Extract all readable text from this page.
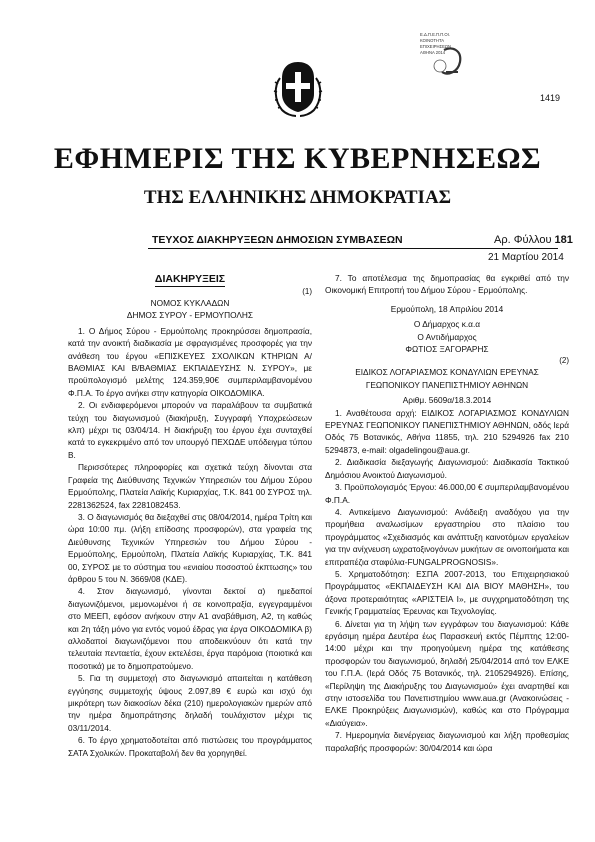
Ε.Δ.Π.Ε.Π.Π.ΟΙ.
ΚΟΙΝΟΤΗΤΑ
ΕΠΙΧΕΙΡΗΣΕΩΝ
ΑΘΗΝΑ 2014
1419
ΕΦΗΜΕΡΙΣ ΤΗΣ ΚΥΒΕΡΝΗΣΕΩΣ
ΤΗΣ ΕΛΛΗΝΙΚΗΣ ΔΗΜΟΚΡΑΤΙΑΣ
ΤΕΥΧΟΣ ΔΙΑΚΗΡΥΞΕΩΝ ΔΗΜΟΣΙΩΝ ΣΥΜΒΑΣΕΩΝ	Αρ. Φύλλου 181
21 Μαρτίου 2014
ΔΙΑΚΗΡΥΞΕΙΣ
(1)

ΝΟΜΟΣ ΚΥΚΛΑΔΩΝ

ΔΗΜΟΣ ΣΥΡΟΥ - ΕΡΜΟΥΠΟΛΗΣ

1. Ο Δήμος Σύρου - Ερμούπολης προκηρύσσει δημοπρασία, κατά την ανοικτή διαδικασία με σφραγισμένες προσφορές για την ανάθεση του έργου «ΕΠΙΣΚΕΥΕΣ ΣΧΟΛΙΚΩΝ ΚΤΗΡΙΩΝ Α/ΒΑΘΜΙΑΣ ΚΑΙ Β/ΒΑΘΜΙΑΣ ΕΚΠΑΙΔΕΥΣΗΣ Ν. ΣΥΡΟΥ», με προϋπολογισμό μελέτης 124.359,90€ συμπεριλαμβανομένου Φ.Π.Α. Το έργο ανήκει στην κατηγορία ΟΙΚΟΔΟΜΙΚΑ.

2. Οι ενδιαφερόμενοι μπορούν να παραλάβουν τα συμβατικά τεύχη του διαγωνισμού (διακήρυξη, Συγγραφή Υποχρεώσεων κλπ) μέχρι τις 03/04/14. Η διακήρυξη του έργου έχει συνταχθεί κατά το εγκεκριμένο από τον υπουργό ΠΕΧΩΔΕ υπόδειγμα τύπου Β.

Περισσότερες πληροφορίες και σχετικά τεύχη δίνονται στα Γραφεία της Διεύθυνσης Τεχνικών Υπηρεσιών του Δήμου Σύρου Ερμούπολης, Πλατεία Λαϊκής Κυριαρχίας, Τ.Κ. 841 00 ΣΥΡΟΣ τηλ. 2281362524, fax 2281082453.

3. Ο διαγωνισμός θα διεξαχθεί στις 08/04/2014, ημέρα Τρίτη και ώρα 10:00 πμ. (λήξη επίδοσης προσφορών), στα γραφεία της Διεύθυνσης Τεχνικών Υπηρεσιών του Δήμου Σύρου - Ερμούπολης, Ερμούπολη, Πλατεία Λαϊκής Κυριαρχίας, Τ.Κ. 841 00, ΣΥΡΟΣ με το σύστημα του «ενιαίου ποσοστού έκπτωσης» του άρθρου 5 του Ν. 3669/08 (ΚΔΕ).

4. Στον διαγωνισμό, γίνονται δεκτοί α) ημεδαποί διαγωνιζόμενοι, μεμονωμένοι ή σε κοινοπραξία, εγγεγραμμένοι στο ΜΕΕΠ, εφόσον ανήκουν στην Α1 αναβάθμιση, Α2, τη καθώς και 2η τάξη μόνο για εντός νομού έδρας για έργα ΟΙΚΟΔΟΜΙΚΑ β) αλλοδαποί διαγωνιζόμενοι που αποδεικνύουν ότι κατά την τελευταία πενταετία, έχουν εκτελέσει, έργα παρόμοια (ποιοτικά και ποσοτικά) με το δημοπρατούμενο.

5. Για τη συμμετοχή στο διαγωνισμό απαιτείται η κατάθεση εγγύησης συμμετοχής ύψους 2.097,89 € ευρώ και ισχύ όχι μικρότερη των διακοσίων δέκα (210) ημερολογιακών ημερών από την ημέρα δημοπράτησης δηλαδή τουλάχιστον μέχρι τις 03/11/2014.

6. Το έργο χρηματοδοτείται από πιστώσεις του προγράμματος ΣΑΤΑ Σχολικών. Προκαταβολή δεν θα χορηγηθεί.

7. Το αποτέλεσμα της δημοπρασίας θα εγκριθεί από την Οικονομική Επιτροπή του Δήμου Σύρου - Ερμούπολης.

Ερμούπολη, 18 Απριλίου 2014

Ο Δήμαρχος κ.α.α

Ο Αντιδήμαρχος

ΦΩΤΙΟΣ ΞΑΓΟΡΑΡΗΣ

(2)

ΕΙΔΙΚΟΣ ΛΟΓΑΡΙΑΣΜΟΣ ΚΟΝΔΥΛΙΩΝ ΕΡΕΥΝΑΣ

ΓΕΩΠΟΝΙΚΟΥ ΠΑΝΕΠΙΣΤΗΜΙΟΥ ΑΘΗΝΩΝ

Αριθμ. 5609α/18.3.2014

1. Αναθέτουσα αρχή: ΕΙΔΙΚΟΣ ΛΟΓΑΡΙΑΣΜΟΣ ΚΟΝΔΥΛΙΩΝ ΕΡΕΥΝΑΣ ΓΕΩΠΟΝΙΚΟΥ ΠΑΝΕΠΙΣΤΗΜΙΟΥ ΑΘΗΝΩΝ, οδός Ιερά Οδός 75 Βοτανικός, Αθήνα 11855, τηλ. 210 5294926 fax 210 5294873, e-mail: olgadelingou@aua.gr.

2. Διαδικασία διεξαγωγής Διαγωνισμού: Διαδικασία Τακτικού Δημόσιου Ανοικτού Διαγωνισμού.

3. Προϋπολογισμός Έργου: 46.000,00 € συμπεριλαμβανομένου Φ.Π.Α.

4. Αντικείμενο Διαγωνισμού: Ανάδειξη αναδόχου για την προμήθεια αναλωσίμων εργαστηρίου στο πλαίσιο του προγράμματος «Σχεδιασμός και ανάπτυξη καινοτόμων εργαλείων για την ανίχνευση ωχρατοξινογόνων μυκήτων σε οινοποιήματα και επιτραπέζια σταφύλια-FUNGALPROGNOSIS».

5. Χρηματοδότηση: ΕΣΠΑ 2007-2013, του Επιχειρησιακού Προγράμματος «ΕΚΠΑΙΔΕΥΣΗ ΚΑΙ ΔΙΑ ΒΙΟΥ ΜΑΘΗΣΗ», του άξονα προτεραιότητας «ΑΡΙΣΤΕΙΑ Ι», με συγχρηματοδότηση της Γενικής Γραμματείας Έρευνας και Τεχνολογίας.

6. Δίνεται για τη λήψη των εγγράφων του διαγωνισμού: Κάθε εργάσιμη ημέρα Δευτέρα έως Παρασκευή εκτός Πέμπτης 12:00-14:00 μέχρι και την προηγούμενη ημέρα της κατάθεσης προσφορών του διαγωνισμού, δηλαδή 25/04/2014 από τον ΕΛΚΕ του Γ.Π.Α. (Ιερά Οδός 75 Βοτανικός, τηλ. 2105294926). Επίσης, «Περίληψη της Διακήρυξης του Διαγωνισμού» έχει αναρτηθεί και στην ιστοσελίδα του Πανεπιστημίου www.aua.gr (Ανακοινώσεις - ΕΛΚΕ Προκηρύξεις Διαγωνισμών), καθώς και στο Πρόγραμμα «Διαύγεια».

7. Ημερομηνία διενέργειας διαγωνισμού και λήξη προθεσμίας παραλαβής προσφορών: 30/04/2014 και ώρα
